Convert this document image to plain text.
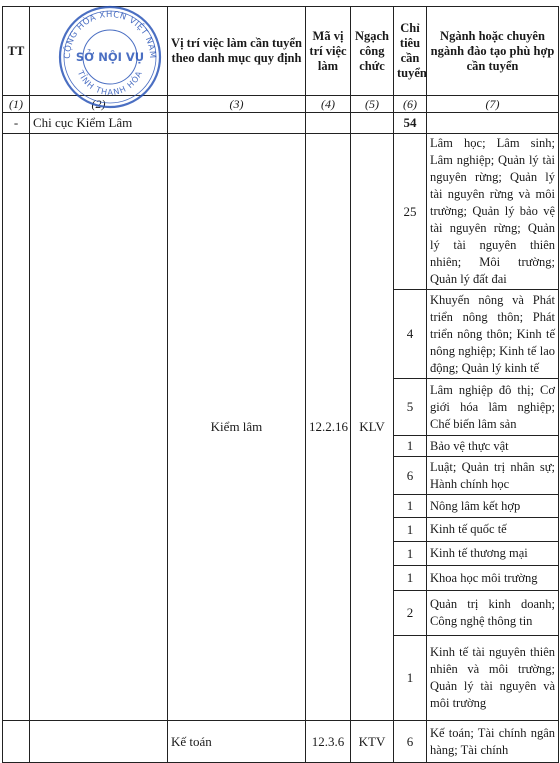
TT		Vị trí việc làm cần tuyển theo danh mục quy định	Mã vị trí việc làm	Ngạch công chức	Chỉ tiêu cần tuyển	Ngành hoặc chuyên ngành đào tạo phù hợp cần tuyển
(1)	(2)	(3)	(4)	(5)	(6)	(7)
-	Chi cục Kiểm Lâm				54	
		Kiểm lâm	12.2.16	KLV	25	Lâm học; Lâm sinh; Lâm nghiệp; Quản lý tài nguyên rừng; Quản lý tài nguyên rừng và môi trường; Quản lý bảo vệ tài nguyên rừng; Quản lý tài nguyên thiên nhiên; Môi trường; Quản lý đất đai
					4	Khuyến nông và Phát triển nông thôn; Phát triển nông thôn; Kinh tế nông nghiệp; Kinh tế lao động; Quản lý kinh tế
					5	Lâm nghiệp đô thị; Cơ giới hóa lâm nghiệp; Chế biến lâm sản
					1	Bảo vệ thực vật
					6	Luật; Quản trị nhân sự; Hành chính học
					1	Nông lâm kết hợp
					1	Kinh tế quốc tế
					1	Kinh tế thương mại
					1	Khoa học môi trường
					2	Quản trị kinh doanh; Công nghệ thông tin
					1	Kinh tế tài nguyên thiên nhiên và môi trường; Quản lý tài nguyên và môi trường
		Kế toán	12.3.6	KTV	6	Kế toán; Tài chính ngân hàng; Tài chính
CỘNG HÒA XHCN VIỆT NAM
TỈNH THANH HÓA
SỞ NỘI VỤ
